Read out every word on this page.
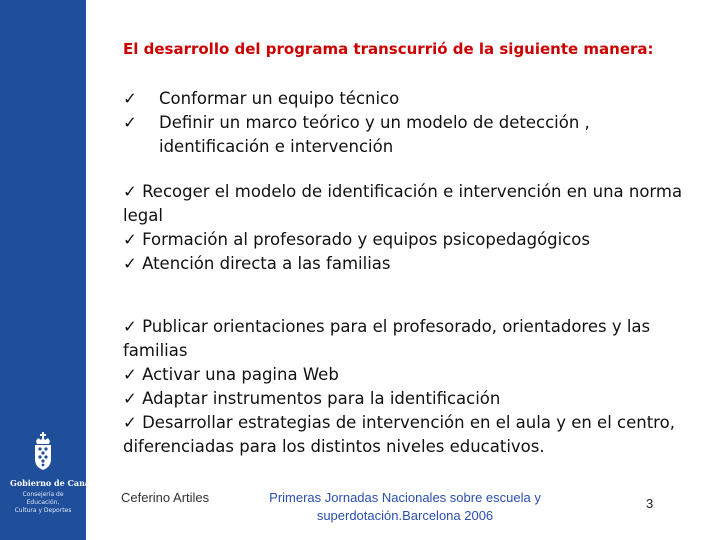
Gobierno de Canarias
Consejería de Educación,
Cultura y Deportes
El desarrollo del programa transcurrió de la siguiente manera:
✓ Conformar un equipo técnico
✓ Definir un marco teórico y un modelo de detección , identificación e intervención
✓ Recoger el modelo de identificación e intervención en una norma legal
✓ Formación al profesorado y equipos psicopedagógicos
✓ Atención directa a las familias
✓ Publicar orientaciones para el profesorado, orientadores y las familias
✓ Activar una pagina Web
✓ Adaptar instrumentos para la identificación
✓ Desarrollar estrategias de intervención en el aula y en el centro, diferenciadas para los distintos niveles educativos.
Ceferino Artiles	Primeras Jornadas Nacionales sobre escuela y
superdotación.Barcelona 2006
3
